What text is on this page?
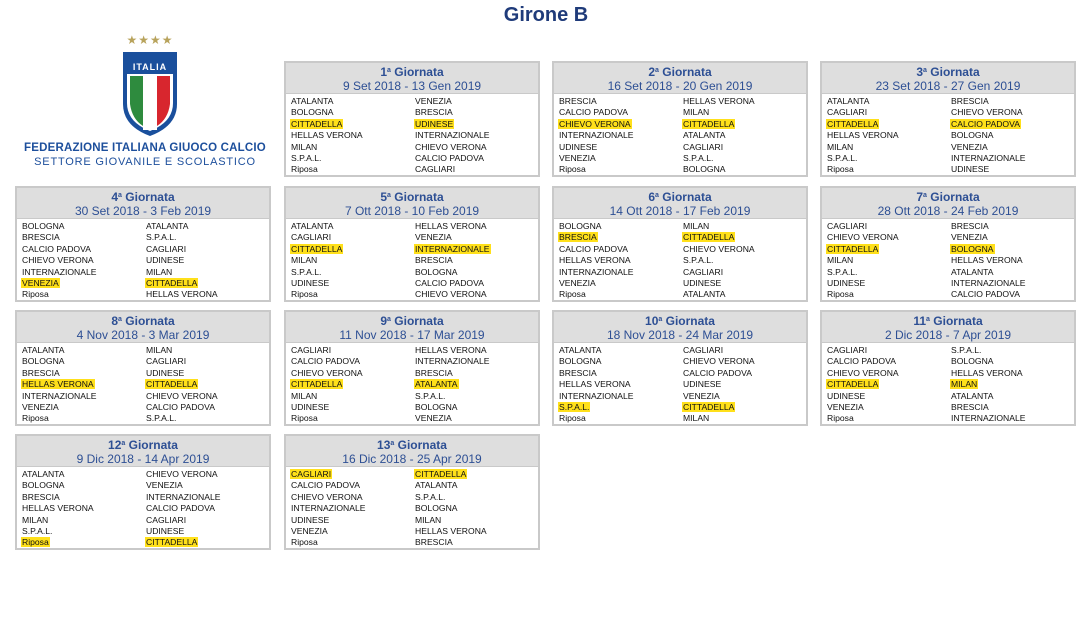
Girone B
★★★★
ITALIA
FEDERAZIONE ITALIANA GIUOCO CALCIO
SETTORE GIOVANILE E SCOLASTICO
1$^a$ Giornata
9 Set 2018 - 13 Gen 2019
ATALANTA	VENEZIA
BOLOGNA	BRESCIA
CITTADELLA	UDINESE
HELLAS VERONA	INTERNAZIONALE
MILAN	CHIEVO VERONA
S.P.A.L.	CALCIO PADOVA
Riposa	CAGLIARI
2$^a$ Giornata
16 Set 2018 - 20 Gen 2019
BRESCIA	HELLAS VERONA
CALCIO PADOVA	MILAN
CHIEVO VERONA	CITTADELLA
INTERNAZIONALE	ATALANTA
UDINESE	CAGLIARI
VENEZIA	S.P.A.L.
Riposa	BOLOGNA
3$^a$ Giornata
23 Set 2018 - 27 Gen 2019
ATALANTA	BRESCIA
CAGLIARI	CHIEVO VERONA
CITTADELLA	CALCIO PADOVA
HELLAS VERONA	BOLOGNA
MILAN	VENEZIA
S.P.A.L.	INTERNAZIONALE
Riposa	UDINESE
4$^a$ Giornata
30 Set 2018 - 3 Feb 2019
BOLOGNA	ATALANTA
BRESCIA	S.P.A.L.
CALCIO PADOVA	CAGLIARI
CHIEVO VERONA	UDINESE
INTERNAZIONALE	MILAN
VENEZIA	CITTADELLA
Riposa	HELLAS VERONA
5$^a$ Giornata
7 Ott 2018 - 10 Feb 2019
ATALANTA	HELLAS VERONA
CAGLIARI	VENEZIA
CITTADELLA	INTERNAZIONALE
MILAN	BRESCIA
S.P.A.L.	BOLOGNA
UDINESE	CALCIO PADOVA
Riposa	CHIEVO VERONA
6$^a$ Giornata
14 Ott 2018 - 17 Feb 2019
BOLOGNA	MILAN
BRESCIA	CITTADELLA
CALCIO PADOVA	CHIEVO VERONA
HELLAS VERONA	S.P.A.L.
INTERNAZIONALE	CAGLIARI
VENEZIA	UDINESE
Riposa	ATALANTA
7$^a$ Giornata
28 Ott 2018 - 24 Feb 2019
CAGLIARI	BRESCIA
CHIEVO VERONA	VENEZIA
CITTADELLA	BOLOGNA
MILAN	HELLAS VERONA
S.P.A.L.	ATALANTA
UDINESE	INTERNAZIONALE
Riposa	CALCIO PADOVA
8$^a$ Giornata
4 Nov 2018 - 3 Mar 2019
ATALANTA	MILAN
BOLOGNA	CAGLIARI
BRESCIA	UDINESE
HELLAS VERONA	CITTADELLA
INTERNAZIONALE	CHIEVO VERONA
VENEZIA	CALCIO PADOVA
Riposa	S.P.A.L.
9$^a$ Giornata
11 Nov 2018 - 17 Mar 2019
CAGLIARI	HELLAS VERONA
CALCIO PADOVA	INTERNAZIONALE
CHIEVO VERONA	BRESCIA
CITTADELLA	ATALANTA
MILAN	S.P.A.L.
UDINESE	BOLOGNA
Riposa	VENEZIA
10$^a$ Giornata
18 Nov 2018 - 24 Mar 2019
ATALANTA	CAGLIARI
BOLOGNA	CHIEVO VERONA
BRESCIA	CALCIO PADOVA
HELLAS VERONA	UDINESE
INTERNAZIONALE	VENEZIA
S.P.A.L.	CITTADELLA
Riposa	MILAN
11$^a$ Giornata
2 Dic 2018 - 7 Apr 2019
CAGLIARI	S.P.A.L.
CALCIO PADOVA	BOLOGNA
CHIEVO VERONA	HELLAS VERONA
CITTADELLA	MILAN
UDINESE	ATALANTA
VENEZIA	BRESCIA
Riposa	INTERNAZIONALE
12$^a$ Giornata
9 Dic 2018 - 14 Apr 2019
ATALANTA	CHIEVO VERONA
BOLOGNA	VENEZIA
BRESCIA	INTERNAZIONALE
HELLAS VERONA	CALCIO PADOVA
MILAN	CAGLIARI
S.P.A.L.	UDINESE
Riposa	CITTADELLA
13$^a$ Giornata
16 Dic 2018 - 25 Apr 2019
CAGLIARI	CITTADELLA
CALCIO PADOVA	ATALANTA
CHIEVO VERONA	S.P.A.L.
INTERNAZIONALE	BOLOGNA
UDINESE	MILAN
VENEZIA	HELLAS VERONA
Riposa	BRESCIA
